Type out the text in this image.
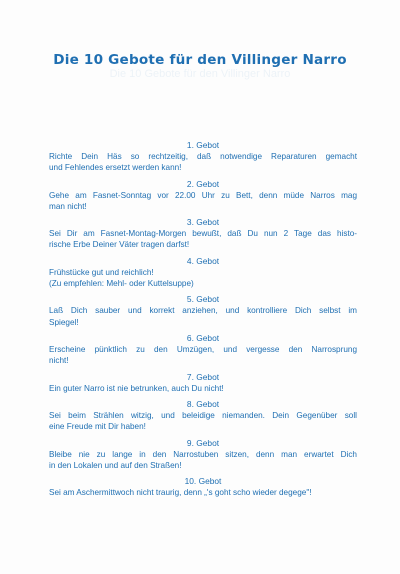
Die 10 Gebote für den Villinger Narro

Die 10 Gebote für den Villinger Narro

1. Gebot
Richte Dein Häs so rechtzeitig, daß notwendige Reparaturen gemacht
und Fehlendes ersetzt werden kann!
2. Gebot
Gehe am Fasnet-Sonntag vor 22.00 Uhr zu Bett, denn müde Narros mag
man nicht!
3. Gebot
Sei Dir am Fasnet-Montag-Morgen bewußt, daß Du nun 2 Tage das histo-
rische Erbe Deiner Väter tragen darfst!
4. Gebot
Frühstücke gut und reichlich!
(Zu empfehlen: Mehl- oder Kuttelsuppe)
5. Gebot
Laß Dich sauber und korrekt anziehen, und kontrolliere Dich selbst im
Spiegel!
6. Gebot
Erscheine pünktlich zu den Umzügen, und vergesse den Narrosprung
nicht!
7. Gebot
Ein guter Narro ist nie betrunken, auch Du nicht!
8. Gebot
Sei beim Strählen witzig, und beleidige niemanden. Dein Gegenüber soll
eine Freude mit Dir haben!
9. Gebot
Bleibe nie zu lange in den Narrostuben sitzen, denn man erwartet Dich
in den Lokalen und auf den Straßen!
10. Gebot
Sei am Aschermittwoch nicht traurig, denn „'s goht scho wieder degege"!
